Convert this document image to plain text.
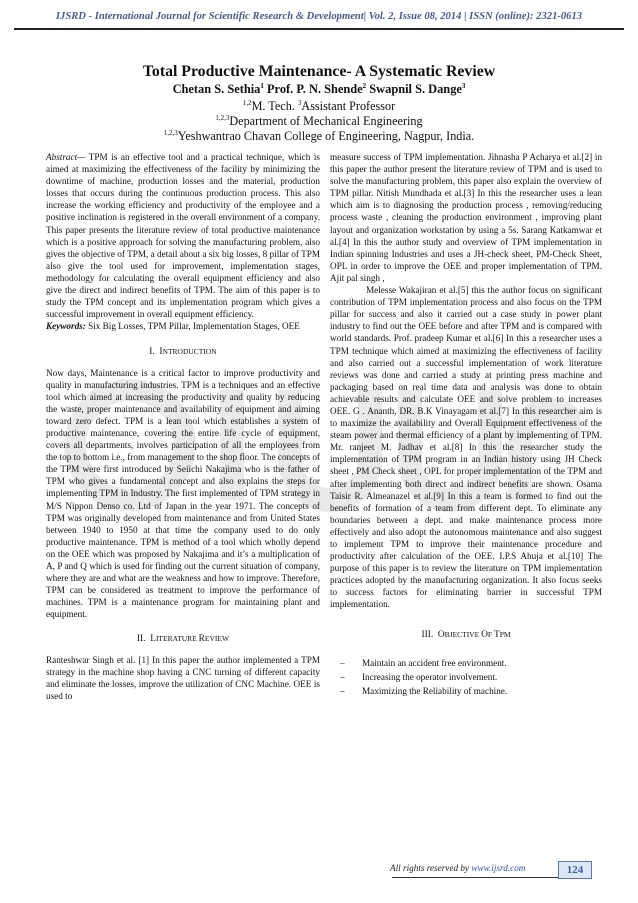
IJSRD - International Journal for Scientific Research & Development| Vol. 2, Issue 08, 2014 | ISSN (online): 2321-0613
Total Productive Maintenance- A Systematic Review
Chetan S. Sethia$^1$ Prof. P. N. Shende$^2$ Swapnil S. Dange$^3$
$^{1,2}$M. Tech. $^3$Assistant Professor
$^{1,2,3}$Department of Mechanical Engineering
$^{1,2,3}$Yeshwantrao Chavan College of Engineering, Nagpur, India.

Abstract— TPM is an effective tool and a practical technique, which is aimed at maximizing the effectiveness of the facility by minimizing the downtime of machine, production losses and the material, production losses that occurs during the continuous production process. This also increase the working efficiency and productivity of the employee and a positive inclination is registered in the overall environment of a company. This paper presents the literature review of total productive maintenance which is a positive approach for solving the manufacturing problem, also gives the objective of TPM, a detail about a six big losses, 8 pillar of TPM also give the tool used for improvement, implementation stages, methodology for calculating the overall equipment efficiency and also give the direct and indirect benefits of TPM. The aim of this paper is to study the TPM concept and its implementation program which gives a successful improvement in overall equipment efficiency.

Keywords: Six Big Losses, TPM Pillar, Implementation Stages, OEE

I. INTRODUCTION

Now days, Maintenance is a critical factor to improve productivity and quality in manufacturing industries. TPM is a techniques and an effective tool which aimed at increasing the productivity and quality by reducing the waste, proper maintenance and availability of equipment and aiming toward zero defect. TPM is a lean tool which establishes a system of productive maintenance, covering the entire life cycle of equipment, covers all departments, involves participation of all the employees from the top to bottom i.e., from management to the shop floor. The concepts of the TPM were first introduced by Seiichi Nakajima who is the father of TPM who gives a fundamental concept and also explains the steps for implementing TPM in Industry. The first implemented of TPM strategy in M/S Nippon Denso co. Ltd of Japan in the year 1971. The concepts of TPM was originally developed from maintenance and from United States between 1940 to 1950 at that time the company used to do only productive maintenance. TPM is method of a tool which wholly depend on the OEE which was proposed by Nakajima and it’s a multiplication of A, P and Q which is used for finding out the current situation of company, where they are and what are the weakness and how to improve. Therefore, TPM can be considered as treatment to improve the performance of machines. TPM is a maintenance program for maintaining plant and equipment.

II. LITERATURE REVIEW

Ranteshwar Singh et al. [1] In this paper the author implemented a TPM strategy in the machine shop having a CNC turning of different capacity and eliminate the losses, improve the utilization of CNC Machine. OEE is used to

measure success of TPM implementation. Jihnasha P Acharya et al.[2] in this paper the author present the literature review of TPM and is used to solve the manufacturing problem, this paper also explain the overview of TPM pillar. Nitish Mundhada et al.[3] In this the researcher uses a lean which aim is to diagnosing the production process , removing/reducing process waste , cleaning the production environment , improving plant layout and organization workstation by using a 5s. Sarang Katkamwar et al.[4] In this the author study and overview of TPM implementation in Indian spinning Industries and uses a JH-check sheet, PM-Check Sheet, OPL in order to improve the OEE and proper implementation of TPM. Ajit pal singh ,

Melesse Wakajiran et al.[5] this the author focus on significant contribution of TPM implementation process and also focus on the TPM pillar for success and also it carried out a case study in power plant industry to find out the OEE before and after TPM and is compared with world standards. Prof. pradeep Kumar et al.[6] In this a researcher uses a TPM technique which aimed at maximizing the effectiveness of facility and also carried out a successful implementation of work literature reviews was done and carried a study at printing press machine and packaging based on real time data and analysis was done to obtain achievable results and calculate OEE and solve problem to increases OEE. G . Ananth, DR. B.K Vinayagam et al.[7] In this researcher aim is to maximize the availability and Overall Equipment effectiveness of the steam power and thermal efficiency of a plant by implementing of TPM. Mr. ranjeet M. Jadhav et al.[8] In this the researcher study the implementation of TPM program in an Indian history using JH Check sheet , PM Check sheet , OPL for proper implementation of the TPM and after implementing both direct and indirect benefits are shown. Osama Taisir R. Almeanazel et al.[9] In this a team is formed to find out the benefits of formation of a team from different dept. To eliminate any boundaries between a dept. and make maintenance process more effectively and also adopt the autonomous maintenance and also suggest to implement TPM to improve their maintenance procedure and productivity after calculation of the OEE. I.P.S Ahuja et al.[10] The purpose of this paper is to review the literature on TPM implementation practices adopted by the manufacturing organization. It also focus seeks to success factors for eliminating barrier in successful TPM implementation.

III. OBJECTIVE OF TPM
– Maintain an accident free environment.
– Increasing the operator involvement.
– Maximizing the Reliability of machine.
All rights reserved by www.ijsrd.com	124
